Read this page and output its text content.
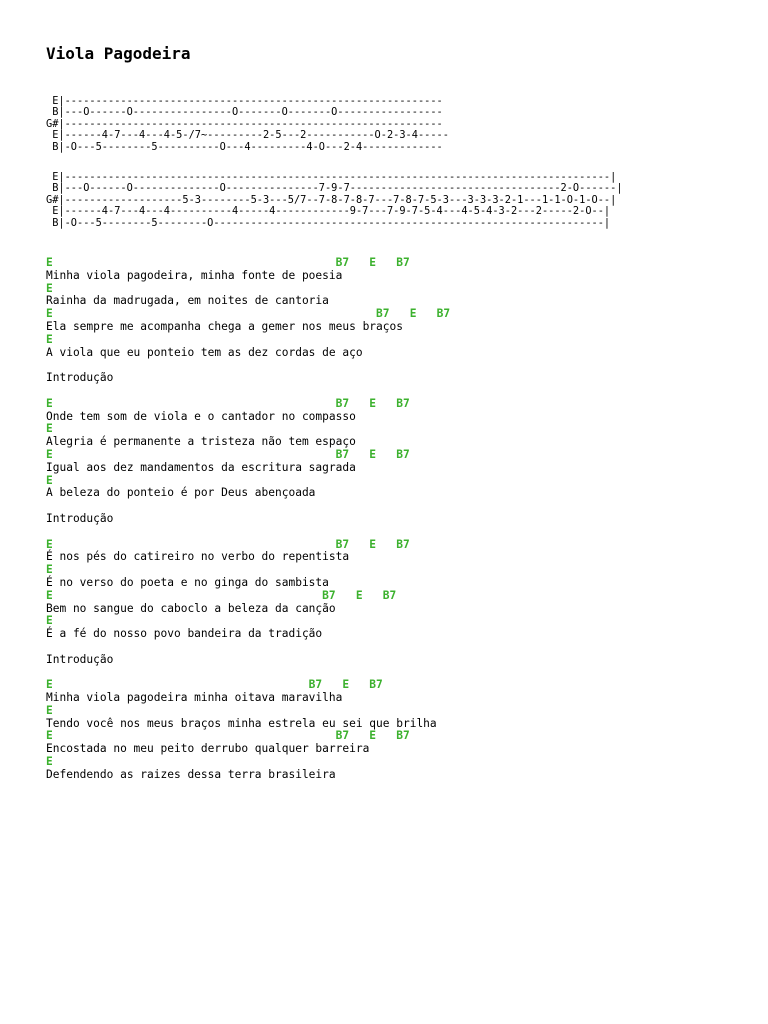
Viola Pagodeira
E|-------------------------------------------------------------
B|---O------O----------------O-------O-------O-----------------
G#|-------------------------------------------------------------
E|------4-7---4---4-5-/7~---------2-5---2-----------O-2-3-4-----
B|-O---5--------5----------O---4---------4-O---2-4-------------
E|----------------------------------------------------------------------------------------|
B|---O------O--------------O---------------7-9-7----------------------------------2-O------|
G#|-------------------5-3--------5-3---5/7--7-8-7-8-7---7-8-7-5-3---3-3-3-2-1---1-1-O-1-O--|
E|------4-7---4---4----------4-----4------------9-7---7-9-7-5-4---4-5-4-3-2---2-----2-O--|
B|-O---5--------5--------O---------------------------------------------------------------|
E                                          B7   E   B7
Minha viola pagodeira, minha fonte de poesia
E
Rainha da madrugada, em noites de cantoria
E                                                B7   E   B7
Ela sempre me acompanha chega a gemer nos meus braços
E
A viola que eu ponteio tem as dez cordas de aço
Introdução
E                                          B7   E   B7
Onde tem som de viola e o cantador no compasso
E
Alegria é permanente a tristeza não tem espaço
E                                          B7   E   B7
Igual aos dez mandamentos da escritura sagrada
E
A beleza do ponteio é por Deus abençoada
Introdução
E                                          B7   E   B7
É nos pés do catireiro no verbo do repentista
E
É no verso do poeta e no ginga do sambista
E                                        B7   E   B7
Bem no sangue do caboclo a beleza da canção
E
É a fé do nosso povo bandeira da tradição
Introdução
E                                      B7   E   B7
Minha viola pagodeira minha oitava maravilha
E
Tendo você nos meus braços minha estrela eu sei que brilha
E                                          B7   E   B7
Encostada no meu peito derrubo qualquer barreira
E
Defendendo as raizes dessa terra brasileira
